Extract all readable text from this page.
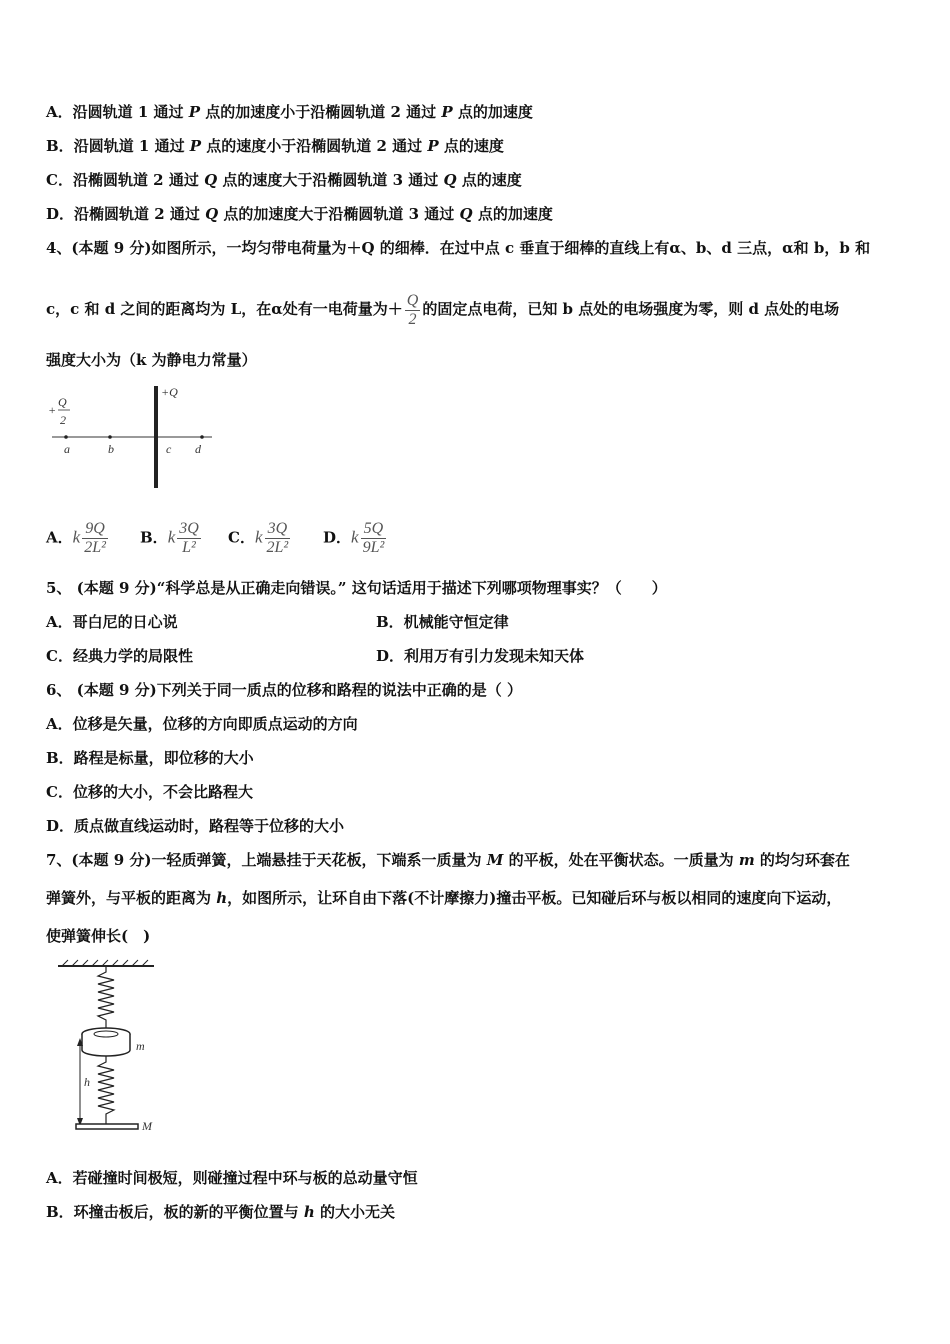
A．沿圆轨道 1 通过 P 点的加速度小于沿椭圆轨道 2 通过 P 点的加速度
B．沿圆轨道 1 通过 P 点的速度小于沿椭圆轨道 2 通过 P 点的速度
C．沿椭圆轨道 2 通过 Q 点的速度大于沿椭圆轨道 3 通过 Q 点的速度
D．沿椭圆轨道 2 通过 Q 点的加速度大于沿椭圆轨道 3 通过 Q 点的加速度
4、(本题 9 分)如图所示，一均匀带电荷量为＋Q 的细棒．在过中点 c 垂直于细棒的直线上有α、b、d 三点，α和 b，b 和
c，c 和 d 之间的距离均为 L，在α处有一电荷量为＋ $\frac{Q}{2}$ 的固定点电荷，已知 b 点处的电场强度为零，则 d 点处的电场
强度大小为（k 为静电力常量）
+
Q
2
+Q
a	b	c d
A．k $\frac{9Q}{\text{2L²}}$ B．k $\frac{3Q}{\text{L²}}$ C．k $\frac{3Q}{\text{2L²}}$ D．k $\frac{5Q}{\text{9L²}}$
5、 (本题 9 分)“科学总是从正确走向错误。” 这句话适用于描述下列哪项物理事实？（　　）
A．哥白尼的日心说	B．机械能守恒定律
C．经典力学的局限性	D．利用万有引力发现未知天体
6、 (本题 9 分)下列关于同一质点的位移和路程的说法中正确的是（ ）
A．位移是矢量，位移的方向即质点运动的方向
B．路程是标量，即位移的大小
C．位移的大小，不会比路程大
D．质点做直线运动时，路程等于位移的大小
7、(本题 9 分)一轻质弹簧，上端悬挂于天花板，下端系一质量为 M 的平板，处在平衡状态。一质量为 m 的均匀环套在
弹簧外，与平板的距离为 h，如图所示，让环自由下落(不计摩擦力)撞击平板。已知碰后环与板以相同的速度向下运动，
使弹簧伸长(　)
m
h
M
A．若碰撞时间极短，则碰撞过程中环与板的总动量守恒
B．环撞击板后，板的新的平衡位置与 h 的大小无关
